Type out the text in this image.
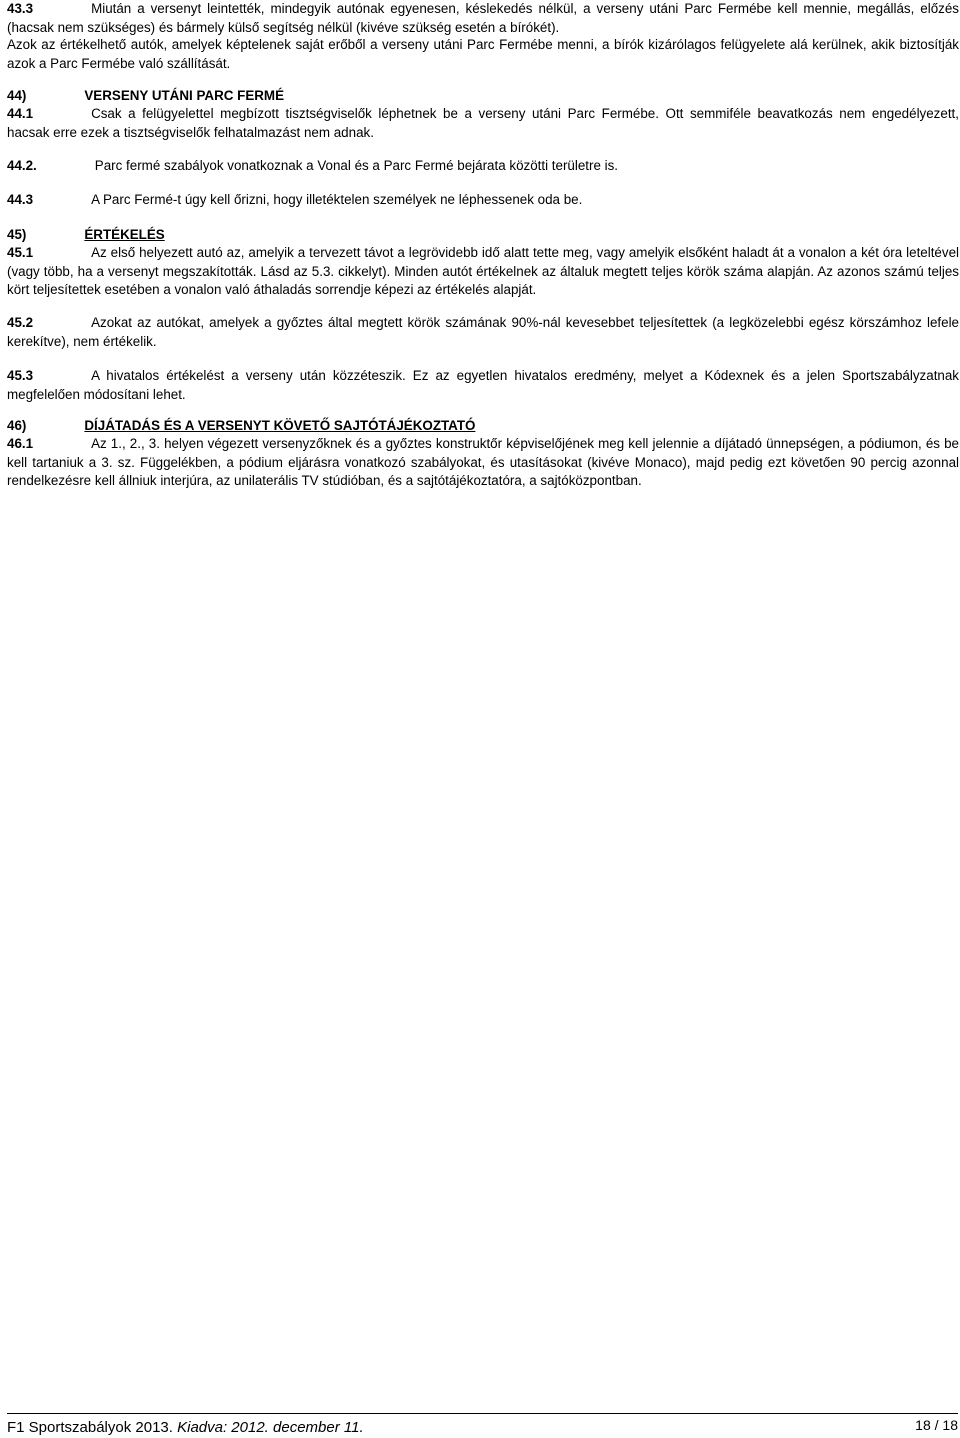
43.3	Miután a versenyt leintették, mindegyik autónak egyenesen, késlekedés nélkül, a verseny utáni Parc Fermébe kell mennie, megállás, előzés (hacsak nem szükséges) és bármely külső segítség nélkül (kivéve szükség esetén a bírókét).

Azok az értékelhető autók, amelyek képtelenek saját erőből a verseny utáni Parc Fermébe menni, a bírók kizárólagos felügyelete alá kerülnek, akik biztosítják azok a Parc Fermébe való szállítását.

44)	VERSENY UTÁNI PARC FERMÉ

44.1	Csak a felügyelettel megbízott tisztségviselők léphetnek be a verseny utáni Parc Fermébe. Ott semmiféle beavatkozás nem engedélyezett, hacsak erre ezek a tisztségviselők felhatalmazást nem adnak.

44.2.	Parc fermé szabályok vonatkoznak a Vonal és a Parc Fermé bejárata közötti területre is.

44.3	A Parc Fermé-t úgy kell őrizni, hogy illetéktelen személyek ne léphessenek oda be.

45)	ÉRTÉKELÉS

45.1	Az első helyezett autó az, amelyik a tervezett távot a legrövidebb idő alatt tette meg, vagy amelyik elsőként haladt át a vonalon a két óra leteltével (vagy több, ha a versenyt megszakították. Lásd az 5.3. cikkelyt). Minden autót értékelnek az általuk megtett teljes körök száma alapján. Az azonos számú teljes kört teljesítettek esetében a vonalon való áthaladás sorrendje képezi az értékelés alapját.

45.2	Azokat az autókat, amelyek a győztes által megtett körök számának 90%-nál kevesebbet teljesítettek (a legközelebbi egész körszámhoz lefele kerekítve), nem értékelik.

45.3	A hivatalos értékelést a verseny után közzéteszik. Ez az egyetlen hivatalos eredmény, melyet a Kódexnek és a jelen Sportszabályzatnak megfelelően módosítani lehet.

46)	DÍJÁTADÁS ÉS A VERSENYT KÖVETŐ SAJTÓTÁJÉKOZTATÓ

46.1	Az 1., 2., 3. helyen végezett versenyzőknek és a győztes konstruktőr képviselőjének meg kell jelennie a díjátadó ünnepségen, a pódiumon, és be kell tartaniuk a 3. sz. Függelékben, a pódium eljárásra vonatkozó szabályokat, és utasításokat (kivéve Monaco), majd pedig ezt követően 90 percig azonnal rendelkezésre kell állniuk interjúra, az unilaterális TV stúdióban, és a sajtótájékoztatóra, a sajtóközpontban.

F1 Sportszabályok 2013. Kiadva: 2012. december 11.	18 / 18
